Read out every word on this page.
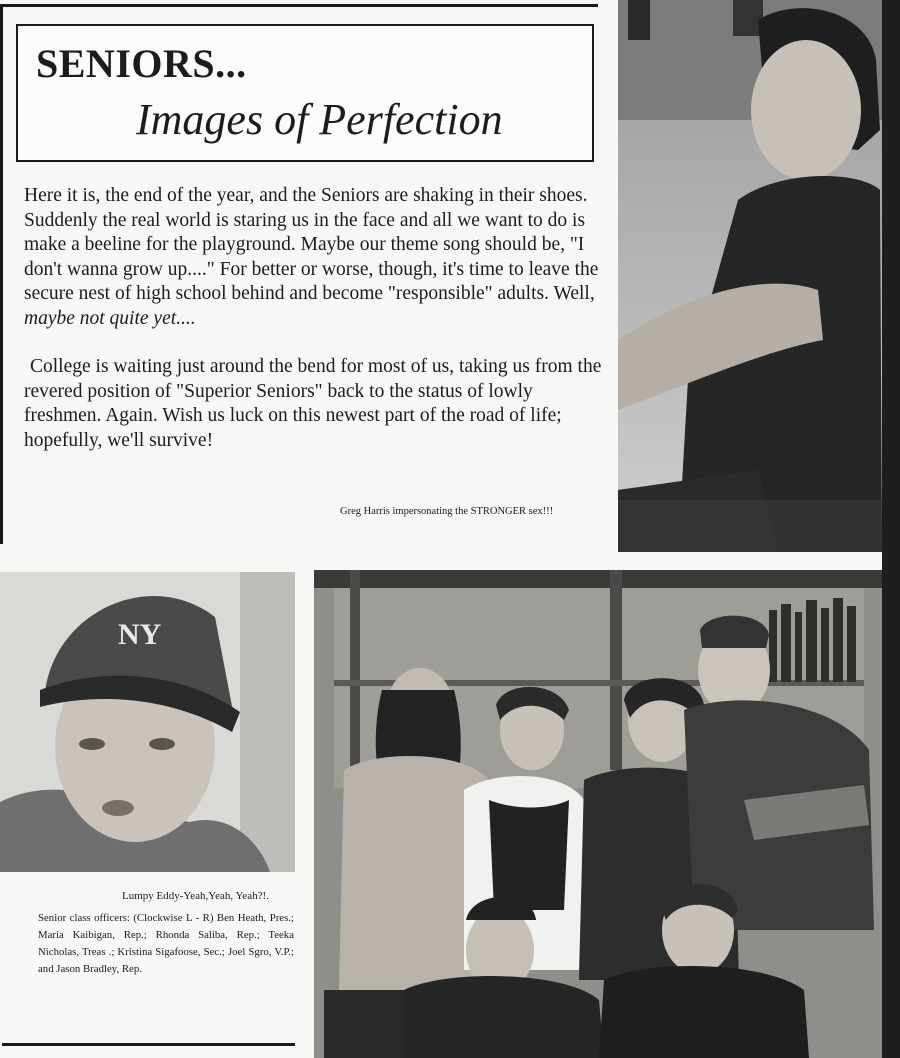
SENIORS...
Images of Perfection

Here it is, the end of the year, and the Seniors are shaking in their shoes. Suddenly the real world is staring us in the face and all we want to do is make a beeline for the playground. Maybe our theme song should be, "I don't wanna grow up...." For better or worse, though, it's time to leave the secure nest of high school behind and become "responsible" adults. Well, maybe not quite yet....

College is waiting just around the bend for most of us, taking us from the revered position of "Superior Seniors" back to the status of lowly freshmen. Again. Wish us luck on this newest part of the road of life; hopefully, we'll survive!

Greg Harris impersonating the STRONGER sex!!!
NY
Lumpy Eddy-Yeah,Yeah, Yeah?!.
Senior class officers: (Clockwise L - R) Ben Heath, Pres.; Maria Kaibigan, Rep.; Rhonda Saliba, Rep.; Teeka Nicholas, Treas .; Kristina Sigafoose, Sec.; Joel Sgro, V.P.; and Jason Bradley, Rep.
